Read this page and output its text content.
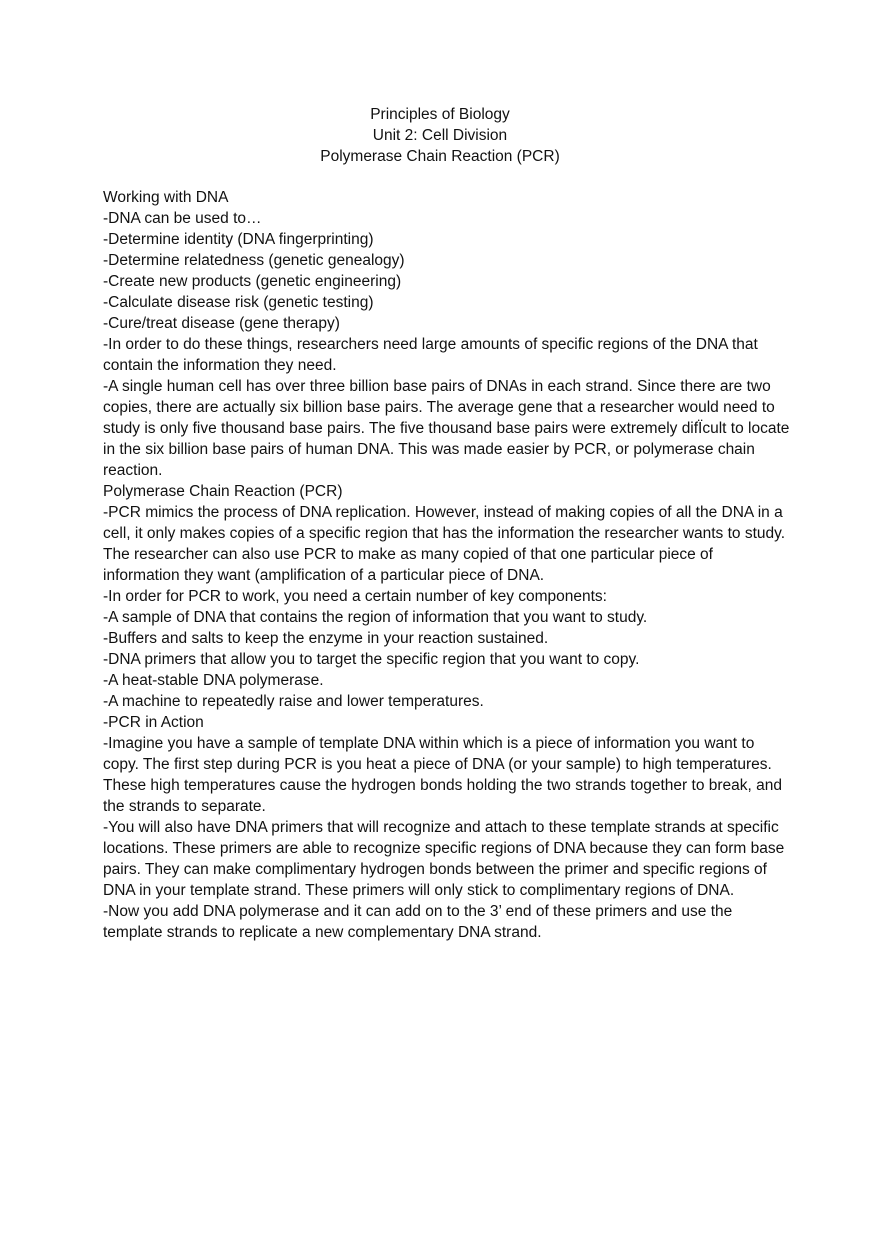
Principles of Biology
Unit 2: Cell Division
Polymerase Chain Reaction (PCR)
Working with DNA
-DNA can be used to…
-Determine identity (DNA fingerprinting)
-Determine relatedness (genetic genealogy)
-Create new products (genetic engineering)
-Calculate disease risk (genetic testing)
-Cure/treat disease (gene therapy)
-In order to do these things, researchers need large amounts of specific regions of the DNA that contain the information they need.
-A single human cell has over three billion base pairs of DNAs in each strand. Since there are two copies, there are actually six billion base pairs. The average gene that a researcher would need to study is only five thousand base pairs. The five thousand base pairs were extremely difÏcult to locate in the six billion base pairs of human DNA. This was made easier by PCR, or polymerase chain reaction.
Polymerase Chain Reaction (PCR)
-PCR mimics the process of DNA replication. However, instead of making copies of all the DNA in a cell, it only makes copies of a specific region that has the information the researcher wants to study. The researcher can also use PCR to make as many copied of that one particular piece of information they want (amplification of a particular piece of DNA.
-In order for PCR to work, you need a certain number of key components:
-A sample of DNA that contains the region of information that you want to study.
-Buffers and salts to keep the enzyme in your reaction sustained.
-DNA primers that allow you to target the specific region that you want to copy.
-A heat-stable DNA polymerase.
-A machine to repeatedly raise and lower temperatures.
-PCR in Action
-Imagine you have a sample of template DNA within which is a piece of information you want to copy. The first step during PCR is you heat a piece of DNA (or your sample) to high temperatures. These high temperatures cause the hydrogen bonds holding the two strands together to break, and the strands to separate.
-You will also have DNA primers that will recognize and attach to these template strands at specific locations. These primers are able to recognize specific regions of DNA because they can form base pairs. They can make complimentary hydrogen bonds between the primer and specific regions of DNA in your template strand. These primers will only stick to complimentary regions of DNA.
-Now you add DNA polymerase and it can add on to the 3’ end of these primers and use the template strands to replicate a new complementary DNA strand.
